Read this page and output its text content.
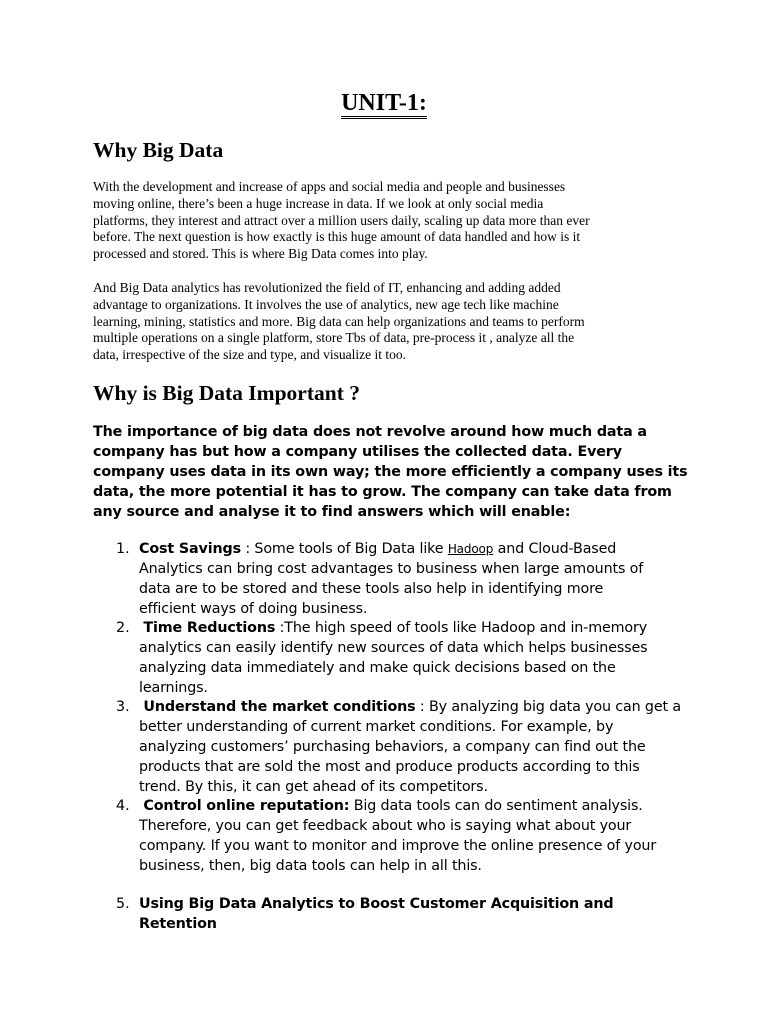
UNIT-1:
Why Big Data
With the development and increase of apps and social media and people and businesses
moving online, there’s been a huge increase in data. If we look at only social media
platforms, they interest and attract over a million users daily, scaling up data more than ever
before. The next question is how exactly is this huge amount of data handled and how is it
processed and stored. This is where Big Data comes into play.
And Big Data analytics has revolutionized the field of IT, enhancing and adding added
advantage to organizations. It involves the use of analytics, new age tech like machine
learning, mining, statistics and more. Big data can help organizations and teams to perform
multiple operations on a single platform, store Tbs of data, pre-process it , analyze all the
data, irrespective of the size and type, and visualize it too.
Why is Big Data Important ?
The importance of big data does not revolve around how much data a
company has but how a company utilises the collected data. Every
company uses data in its own way; the more efficiently a company uses its
data, the more potential it has to grow. The company can take data from
any source and analyse it to find answers which will enable:
1. Cost Savings : Some tools of Big Data like Hadoop and Cloud-Based
Analytics can bring cost advantages to business when large amounts of
data are to be stored and these tools also help in identifying more
efficient ways of doing business.
2. Time Reductions :The high speed of tools like Hadoop and in-memory
analytics can easily identify new sources of data which helps businesses
analyzing data immediately and make quick decisions based on the
learnings.
3. Understand the market conditions : By analyzing big data you can get a
better understanding of current market conditions. For example, by
analyzing customers’ purchasing behaviors, a company can find out the
products that are sold the most and produce products according to this
trend. By this, it can get ahead of its competitors.
4. Control online reputation: Big data tools can do sentiment analysis.
Therefore, you can get feedback about who is saying what about your
company. If you want to monitor and improve the online presence of your
business, then, big data tools can help in all this.
5. Using Big Data Analytics to Boost Customer Acquisition and
Retention
